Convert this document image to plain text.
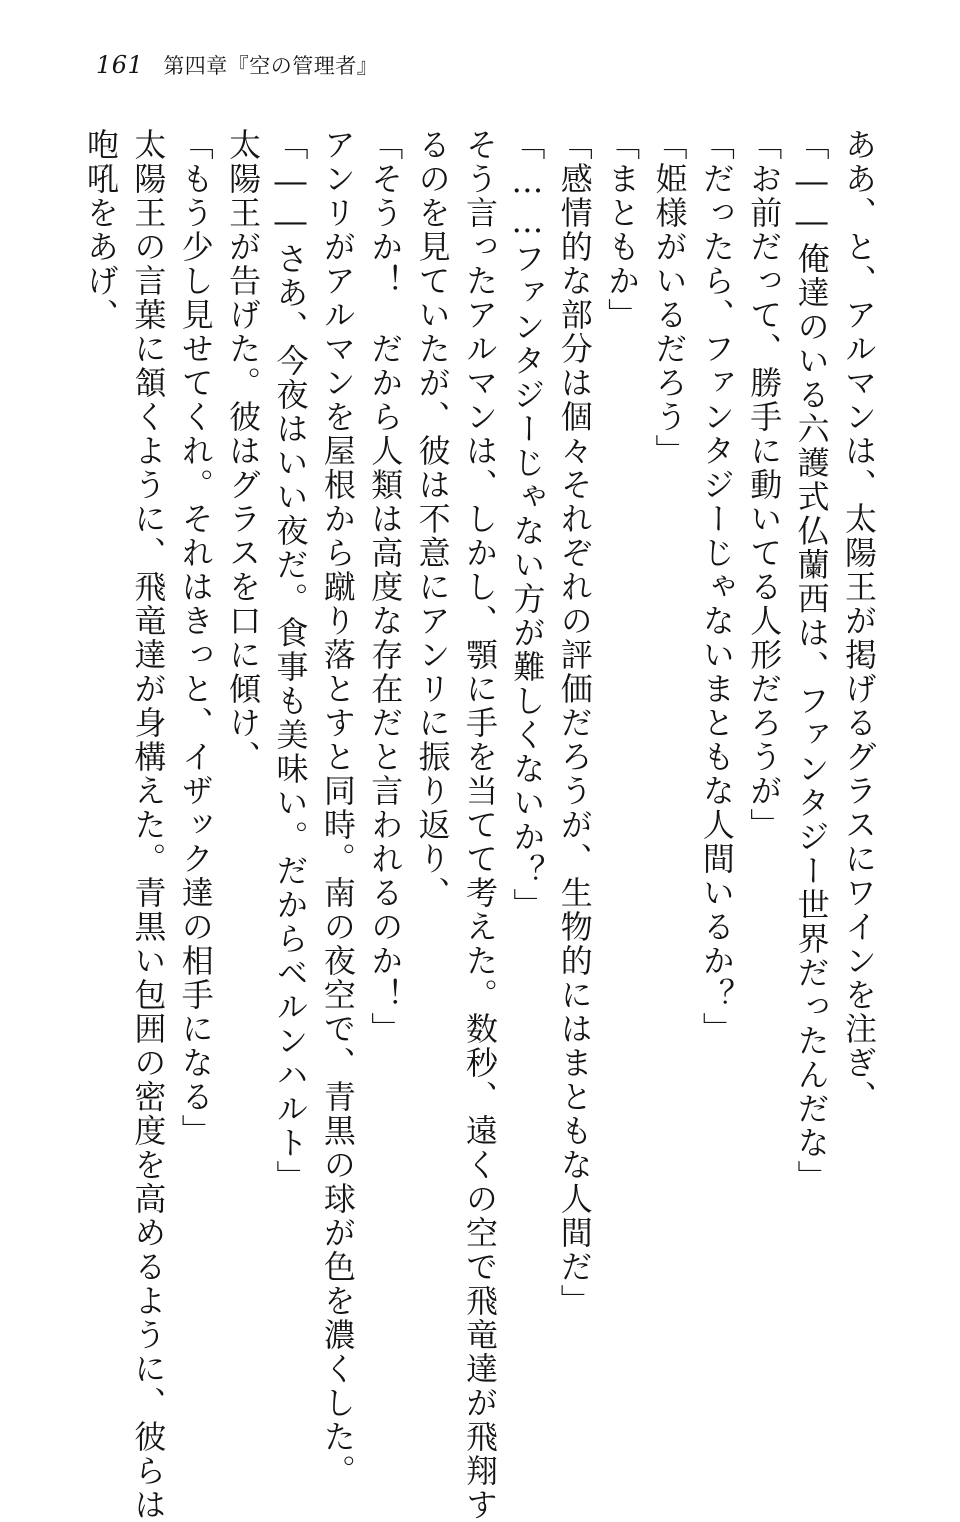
161 第四章『空の管理者』
ああ、と、アルマンは、太陽王が掲げるグラスにワインを注ぎ、
「――俺達のいる六護式仏蘭西は、ファンタジー世界だったんだな」
「お前だって、勝手に動いてる人形だろうが」
「だったら、ファンタジーじゃないまともな人間いるか？」
「姫様がいるだろう」
「まともか」
「感情的な部分は個々それぞれの評価だろうが、生物的にはまともな人間だ」
「……ファンタジーじゃない方が難しくないか？」
そう言ったアルマンは、しかし、顎に手を当てて考えた。数秒、遠くの空で飛竜達が飛翔す
るのを見ていたが、彼は不意にアンリに振り返り、
「そうか！　だから人類は高度な存在だと言われるのか！」
アンリがアルマンを屋根から蹴り落とすと同時。南の夜空で、青黒の球が色を濃くした。
「――さあ、今夜はいい夜だ。食事も美味い。だからベルンハルト」
太陽王が告げた。彼はグラスを口に傾け、
「もう少し見せてくれ。それはきっと、イザック達の相手になる」
太陽王の言葉に頷くように、飛竜達が身構えた。青黒い包囲の密度を高めるように、彼らは
咆吼をあげ、
